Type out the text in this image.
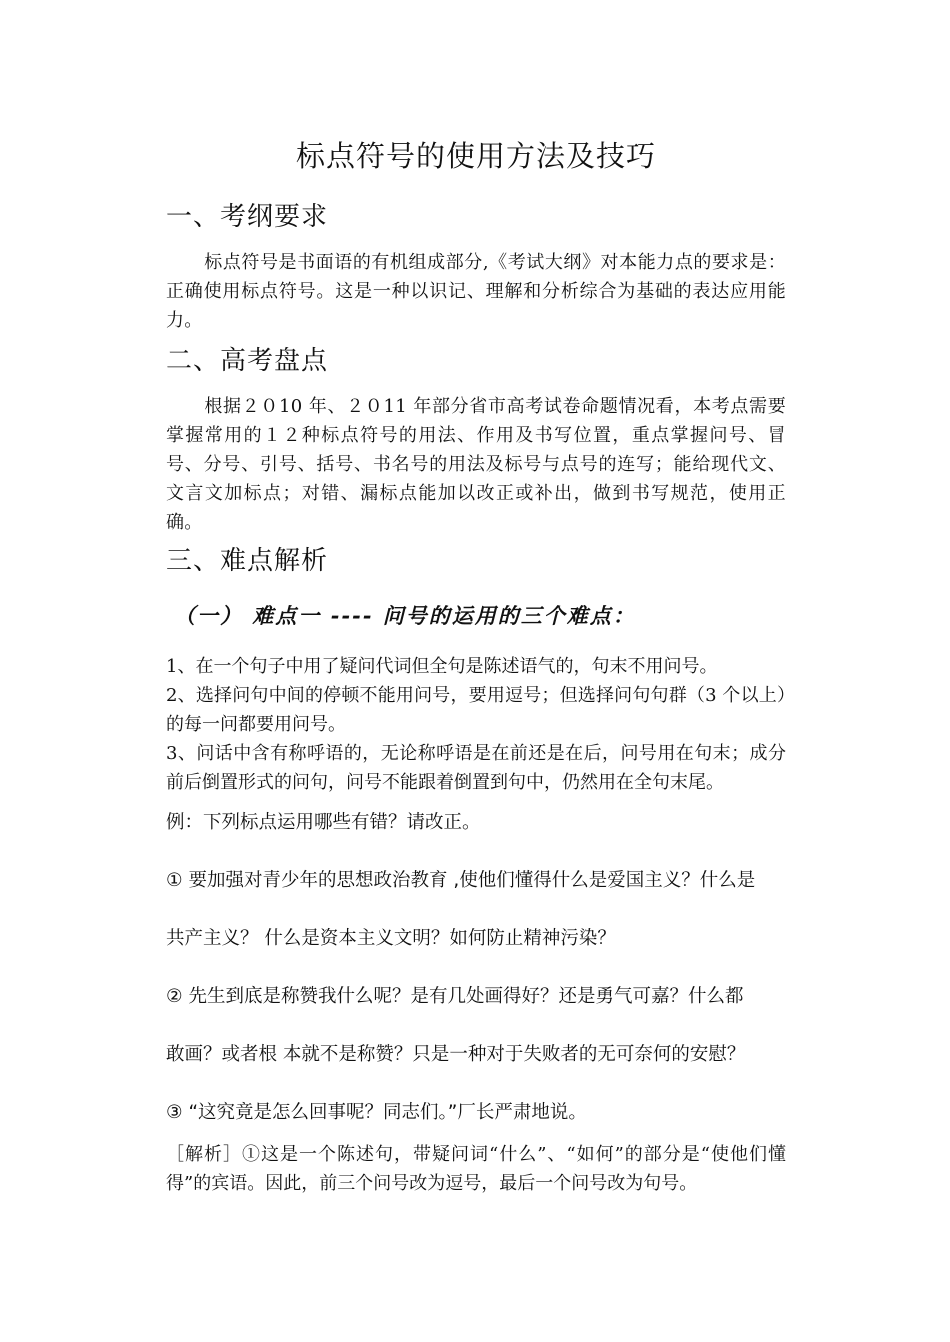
标点符号的使用方法及技巧
一、考纲要求
标点符号是书面语的有机组成部分,《考试大纲》对本能力点的要求是：正确使用标点符号。这是一种以识记、理解和分析综合为基础的表达应用能力。
二、高考盘点
根据２０10 年、２０11 年部分省市高考试卷命题情况看，本考点需要掌握常用的１２种标点符号的用法、作用及书写位置，重点掌握问号、冒号、分号、引号、括号、书名号的用法及标号与点号的连写；能给现代文、文言文加标点；对错、漏标点能加以改正或补出，做到书写规范，使用正确。
三、难点解析
（一） 难点一 ---- 问号的运用的三个难点：
1、在一个句子中用了疑问代词但全句是陈述语气的，句末不用问号。
2、选择问句中间的停顿不能用问号，要用逗号；但选择问句句群（3 个以上）的每一问都要用问号。
3、问话中含有称呼语的，无论称呼语是在前还是在后，问号用在句末；成分前后倒置形式的问句，问号不能跟着倒置到句中，仍然用在全句末尾。
例：下列标点运用哪些有错？请改正。
① 要加强对青少年的思想政治教育 ,使他们懂得什么是爱国主义？什么是
共产主义？ 什么是资本主义文明？如何防止精神污染？
② 先生到底是称赞我什么呢？是有几处画得好？还是勇气可嘉？什么都
敢画？或者根 本就不是称赞？只是一种对于失败者的无可奈何的安慰？
③ “这究竟是怎么回事呢？同志们。”厂长严肃地说。
［解析］①这是一个陈述句，带疑问词“什么”、“如何”的部分是“使他们懂得”的宾语。因此，前三个问号改为逗号，最后一个问号改为句号。
